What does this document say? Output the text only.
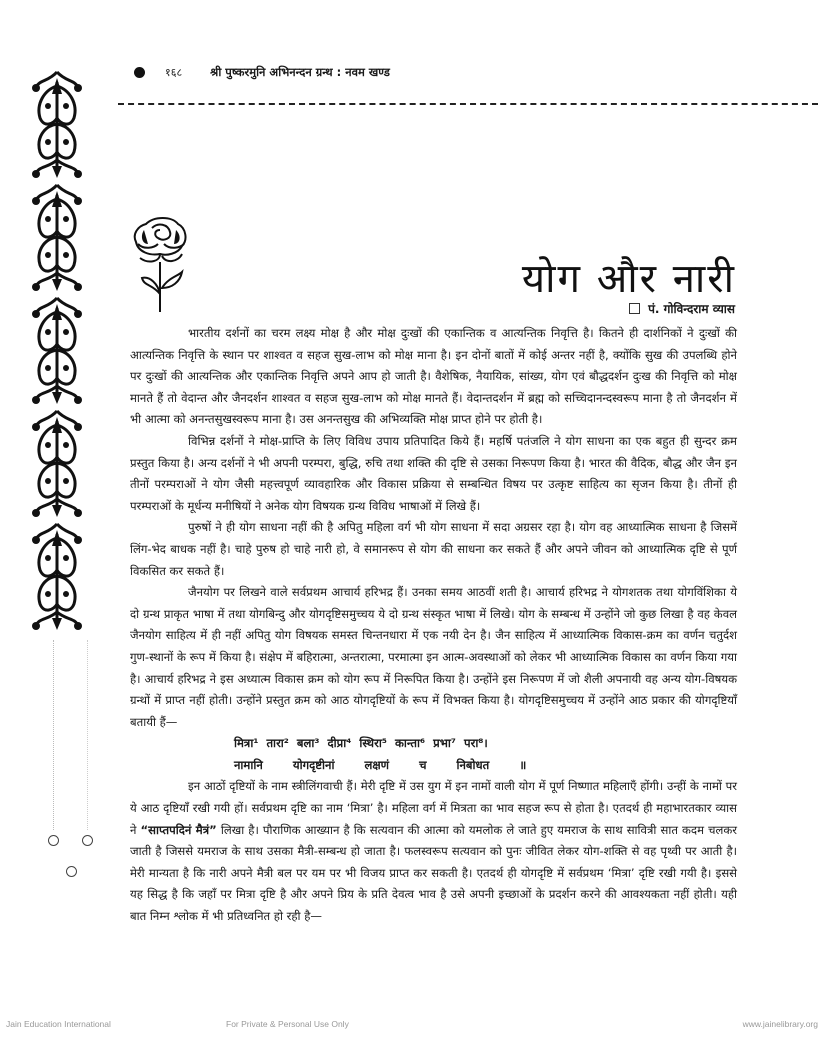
१६८ श्री पुष्करमुनि अभिनन्दन ग्रन्थ : नवम खण्ड
योग और नारी
पं. गोविन्दराम व्यास

भारतीय दर्शनों का चरम लक्ष्य मोक्ष है और मोक्ष दुःखों की एकान्तिक व आत्यन्तिक निवृत्ति है। कितने ही दार्शनिकों ने दुःखों की आत्यन्तिक निवृत्ति के स्थान पर शाश्वत व सहज सुख-लाभ को मोक्ष माना है। इन दोनों बातों में कोई अन्तर नहीं है, क्योंकि सुख की उपलब्धि होने पर दुःखों की आत्यन्तिक और एकान्तिक निवृत्ति अपने आप हो जाती है। वैशेषिक, नैयायिक, सांख्य, योग एवं बौद्धदर्शन दुःख की निवृत्ति को मोक्ष मानते हैं तो वेदान्त और जैनदर्शन शाश्वत व सहज सुख-लाभ को मोक्ष मानते हैं। वेदान्तदर्शन में ब्रह्म को सच्चिदानन्दस्वरूप माना है तो जैनदर्शन में भी आत्मा को अनन्तसुखस्वरूप माना है। उस अनन्तसुख की अभिव्यक्ति मोक्ष प्राप्त होने पर होती है।

विभिन्न दर्शनों ने मोक्ष-प्राप्ति के लिए विविध उपाय प्रतिपादित किये हैं। महर्षि पतंजलि ने योग साधना का एक बहुत ही सुन्दर क्रम प्रस्तुत किया है। अन्य दर्शनों ने भी अपनी परम्परा, बुद्धि, रुचि तथा शक्ति की दृष्टि से उसका निरूपण किया है। भारत की वैदिक, बौद्ध और जैन इन तीनों परम्पराओं ने योग जैसी महत्त्वपूर्ण व्यावहारिक और विकास प्रक्रिया से सम्बन्धित विषय पर उत्कृष्ट साहित्य का सृजन किया है। तीनों ही परम्पराओं के मूर्धन्य मनीषियों ने अनेक योग विषयक ग्रन्थ विविध भाषाओं में लिखे हैं।

पुरुषों ने ही योग साधना नहीं की है अपितु महिला वर्ग भी योग साधना में सदा अग्रसर रहा है। योग वह आध्यात्मिक साधना है जिसमें लिंग-भेद बाधक नहीं है। चाहे पुरुष हो चाहे नारी हो, वे समानरूप से योग की साधना कर सकते हैं और अपने जीवन को आध्यात्मिक दृष्टि से पूर्ण विकसित कर सकते हैं।

जैनयोग पर लिखने वाले सर्वप्रथम आचार्य हरिभद्र हैं। उनका समय आठवीं शती है। आचार्य हरिभद्र ने योगशतक तथा योगविंशिका ये दो ग्रन्थ प्राकृत भाषा में तथा योगबिन्दु और योगदृष्टिसमुच्चय ये दो ग्रन्थ संस्कृत भाषा में लिखे। योग के सम्बन्ध में उन्होंने जो कुछ लिखा है वह केवल जैनयोग साहित्य में ही नहीं अपितु योग विषयक समस्त चिन्तनधारा में एक नयी देन है। जैन साहित्य में आध्यात्मिक विकास-क्रम का वर्णन चतुर्दश गुण-स्थानों के रूप में किया है। संक्षेप में बहिरात्मा, अन्तरात्मा, परमात्मा इन आत्म-अवस्थाओं को लेकर भी आध्यात्मिक विकास का वर्णन किया गया है। आचार्य हरिभद्र ने इस अध्यात्म विकास क्रम को योग रूप में निरूपित किया है। उन्होंने इस निरूपण में जो शैली अपनायी वह अन्य योग-विषयक ग्रन्थों में प्राप्त नहीं होती। उन्होंने प्रस्तुत क्रम को आठ योगदृष्टियों के रूप में विभक्त किया है। योगदृष्टिसमुच्चय में उन्होंने आठ प्रकार की योगदृष्टियाँ बतायी हैं—

मित्रा¹ तारा² बला³ दीप्रा⁴ स्थिरा⁵ कान्ता⁶ प्रभा⁷ परा⁸।

नामानि योगदृष्टीनां लक्षणं च निबोधत ॥

इन आठों दृष्टियों के नाम स्त्रीलिंगवाची हैं। मेरी दृष्टि में उस युग में इन नामों वाली योग में पूर्ण निष्णात महिलाएँ होंगी। उन्हीं के नामों पर ये आठ दृष्टियाँ रखी गयी हों। सर्वप्रथम दृष्टि का नाम ‘मित्रा’ है। महिला वर्ग में मित्रता का भाव सहज रूप से होता है। एतदर्थ ही महाभारतकार व्यास ने “साप्तपदिनं मैत्रं” लिखा है। पौराणिक आख्यान है कि सत्यवान की आत्मा को यमलोक ले जाते हुए यमराज के साथ सावित्री सात कदम चलकर जाती है जिससे यमराज के साथ उसका मैत्री-सम्बन्ध हो जाता है। फलस्वरूप सत्यवान को पुनः जीवित लेकर योग-शक्ति से वह पृथ्वी पर आती है। मेरी मान्यता है कि नारी अपने मैत्री बल पर यम पर भी विजय प्राप्त कर सकती है। एतदर्थ ही योगदृष्टि में सर्वप्रथम ‘मित्रा’ दृष्टि रखी गयी है। इससे यह सिद्ध है कि जहाँ पर मित्रा दृष्टि है और अपने प्रिय के प्रति देवत्व भाव है उसे अपनी इच्छाओं के प्रदर्शन करने की आवश्यकता नहीं होती। यही बात निम्न श्लोक में भी प्रतिध्वनित हो रही है—

Jain Education International	For Private & Personal Use Only	www.jainelibrary.org
